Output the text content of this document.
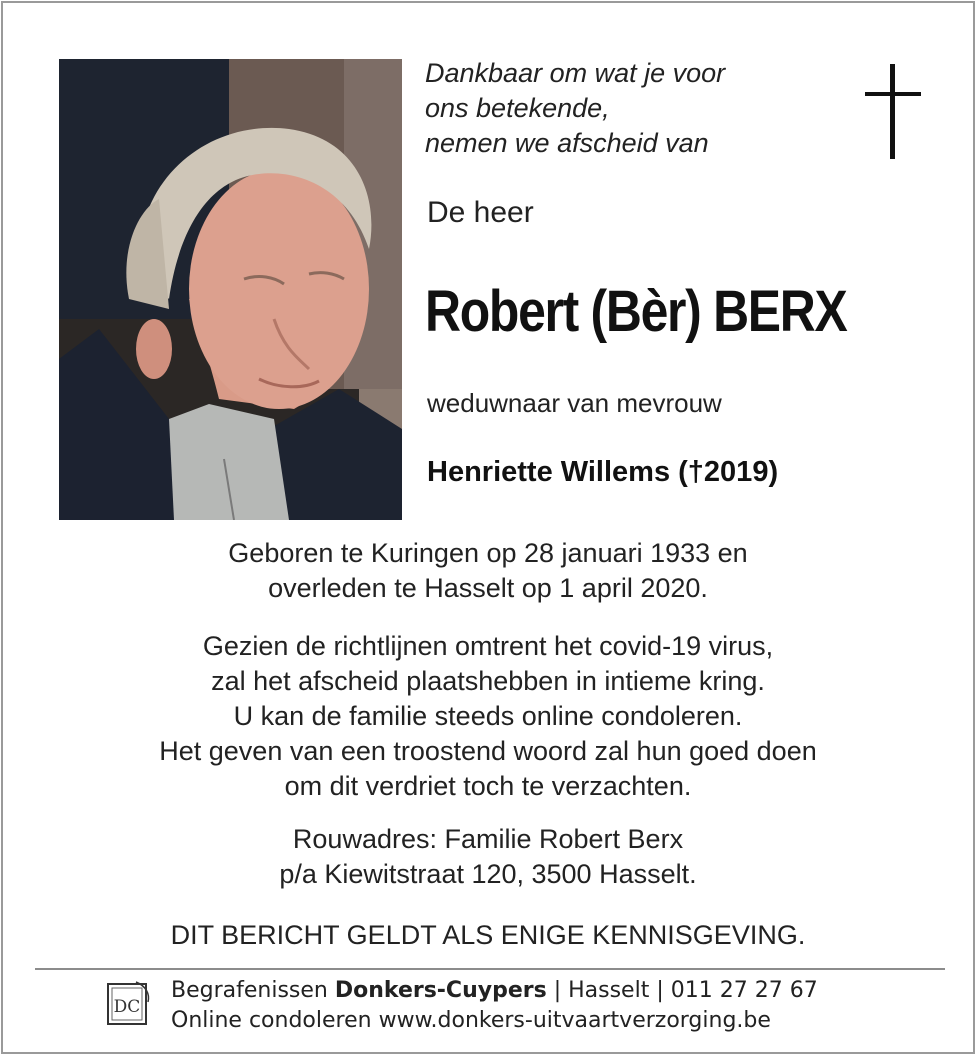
Dankbaar om wat je voor
ons betekende,
nemen we afscheid van
De heer
Robert (Bèr) BERX
weduwnaar van mevrouw
Henriette Willems (†2019)
Geboren te Kuringen op 28 januari 1933 en
overleden te Hasselt op 1 april 2020.
Gezien de richtlijnen omtrent het covid-19 virus,
zal het afscheid plaatshebben in intieme kring.
U kan de familie steeds online condoleren.
Het geven van een troostend woord zal hun goed doen
om dit verdriet toch te verzachten.
Rouwadres: Familie Robert Berx
p/a Kiewitstraat 120, 3500 Hasselt.
DIT BERICHT GELDT ALS ENIGE KENNISGEVING.
DC
Begrafenissen Donkers-Cuypers | Hasselt | 011 27 27 67
Online condoleren www.donkers-uitvaartverzorging.be
